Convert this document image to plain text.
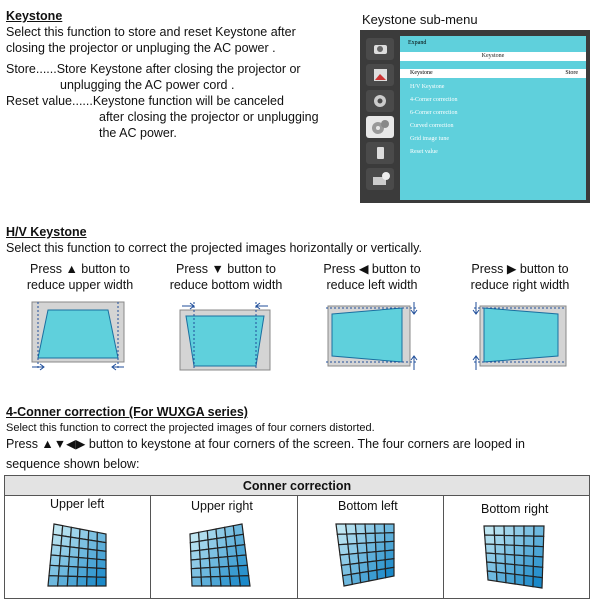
Keystone
Select this function to store and reset Keystone after
closing the projector or unpluging the AC power .
Store......Store Keystone after closing the projector or
unplugging the AC power cord .
Reset value......Keystone function will be canceled
after closing the projector or unplugging
the AC power.
Keystone sub-menu
Expand
Keystone
Keystone	Store
H/V Keystone
4-Corner correction
6-Corner correction
Curved correction
Grid image tune
Reset value
H/V Keystone
Select this function to correct the projected images horizontally or vertically.
Press ▲ button to
reduce upper width
Press ▼ button to
reduce bottom width
Press ◀ button to
reduce left width
Press ▶ button to
reduce right width
4-Conner correction (For WUXGA series)
Select this function to correct the projected images of four corners distorted.
Press ▲▼◀▶ button to keystone at four corners of the screen. The four corners are looped in
sequence shown below:
Conner correction

Upper left	Upper right	Bottom left	Bottom right
